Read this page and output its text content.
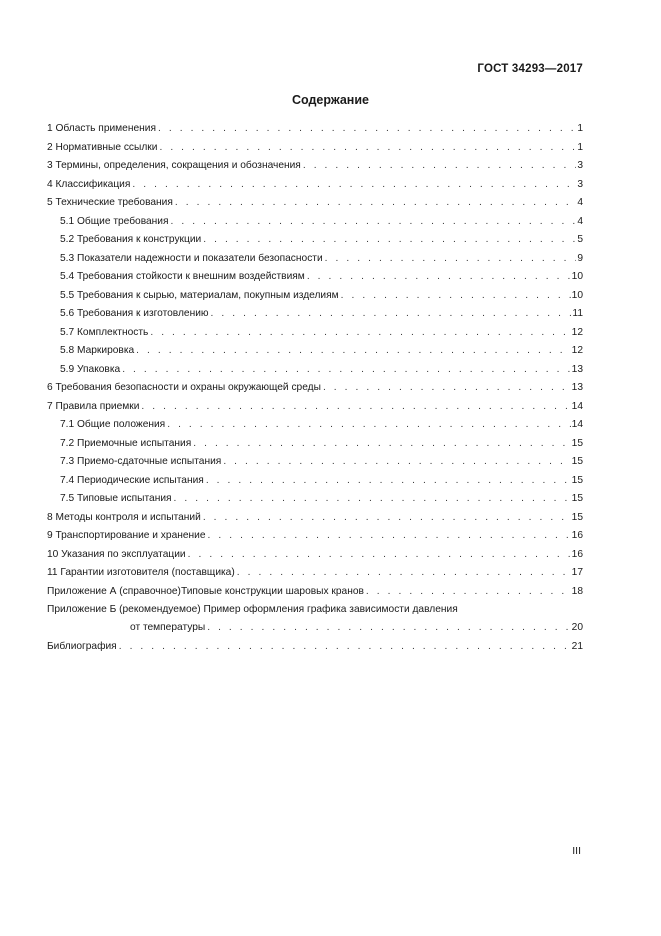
ГОСТ 34293—2017
Содержание
1 Область применения . . .	1
2 Нормативные ссылки . . .	1
3 Термины, определения, сокращения и обозначения . . .	3
4 Классификация . . .	3
5 Технические требования . . .	4
5.1 Общие требования . . .	4
5.2 Требования к конструкции . . .	5
5.3 Показатели надежности и показатели безопасности . . .	9
5.4 Требования стойкости к внешним воздействиям . . .	10
5.5 Требования к сырью, материалам, покупным изделиям . . .	10
5.6 Требования к изготовлению . . .	11
5.7 Комплектность . . .	12
5.8 Маркировка . . .	12
5.9 Упаковка . . .	13
6 Требования безопасности и охраны окружающей среды . . .	13
7 Правила приемки . . .	14
7.1 Общие положения . . .	14
7.2 Приемочные испытания . . .	15
7.3 Приемо-сдаточные испытания . . .	15
7.4 Периодические испытания . . .	15
7.5 Типовые испытания . . .	15
8 Методы контроля и испытаний . . .	15
9 Транспортирование и хранение . . .	16
10 Указания по эксплуатации . . .	16
11 Гарантии изготовителя (поставщика) . . .	17
Приложение А (справочное)Типовые конструкции шаровых кранов . . .	18
Приложение Б (рекомендуемое) Пример оформления графика зависимости давления
от температуры . . .	20
Библиография . . .	21
III
